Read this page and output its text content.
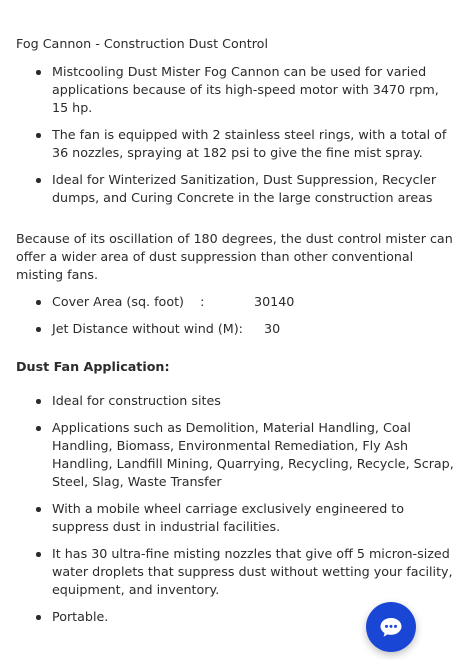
Fog Cannon - Construction Dust Control

Mistcooling Dust Mister Fog Cannon can be used for varied applications because of its high-speed motor with 3470 rpm, 15 hp.
The fan is equipped with 2 stainless steel rings, with a total of 36 nozzles, spraying at 182 psi to give the fine mist spray.
Ideal for Winterized Sanitization, Dust Suppression, Recycler dumps, and Curing Concrete in the large construction areas

Because of its oscillation of 180 degrees, the dust control mister can offer a wider area of dust suppression than other conventional misting fans.

Cover Area (sq. foot)    :	30140
Jet Distance without wind (M): 30

Dust Fan Application:

Ideal for construction sites
Applications such as Demolition, Material Handling, Coal Handling, Biomass, Environmental Remediation, Fly Ash Handling, Landfill Mining, Quarrying, Recycling, Recycle, Scrap, Steel, Slag, Waste Transfer
With a mobile wheel carriage exclusively engineered to suppress dust in industrial facilities.
It has 30 ultra-fine misting nozzles that give off 5 micron-sized water droplets that suppress dust without wetting your facility, equipment, and inventory.
Portable.
